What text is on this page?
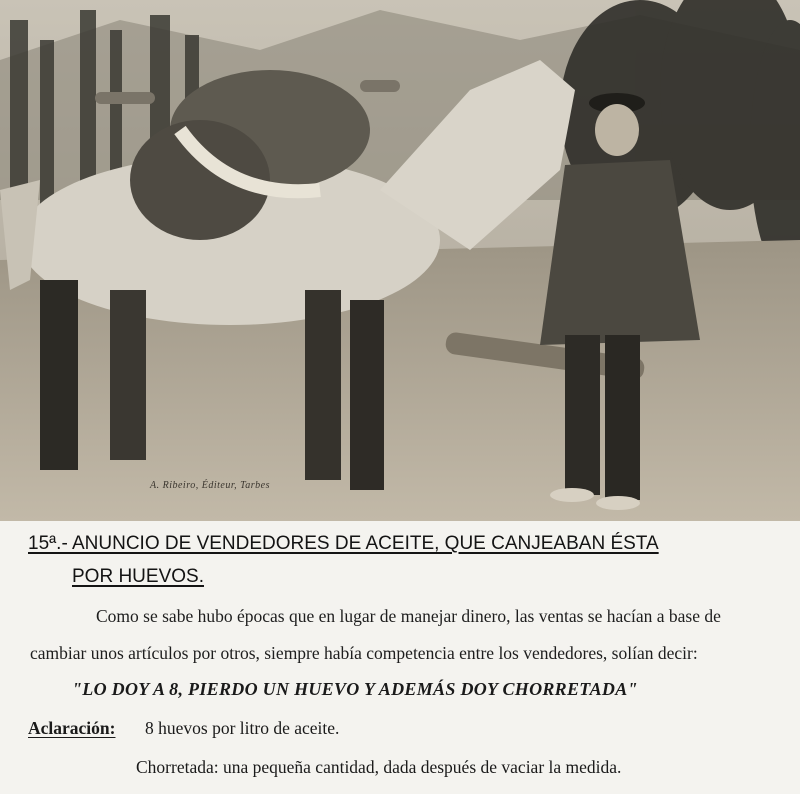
A. Ribeiro, Éditeur, Tarbes
15ª.- ANUNCIO DE VENDEDORES DE ACEITE, QUE CANJEABAN ÉSTA
POR HUEVOS.
Como se sabe hubo épocas que en lugar de manejar dinero, las ventas se hacían a base de
cambiar unos artículos por otros, siempre había competencia entre los vendedores, solían decir:
"LO DOY A 8, PIERDO UN HUEVO Y ADEMÁS DOY CHORRETADA"
Aclaración: 8 huevos por litro de aceite.
Chorretada: una pequeña cantidad, dada después de vaciar la medida.
